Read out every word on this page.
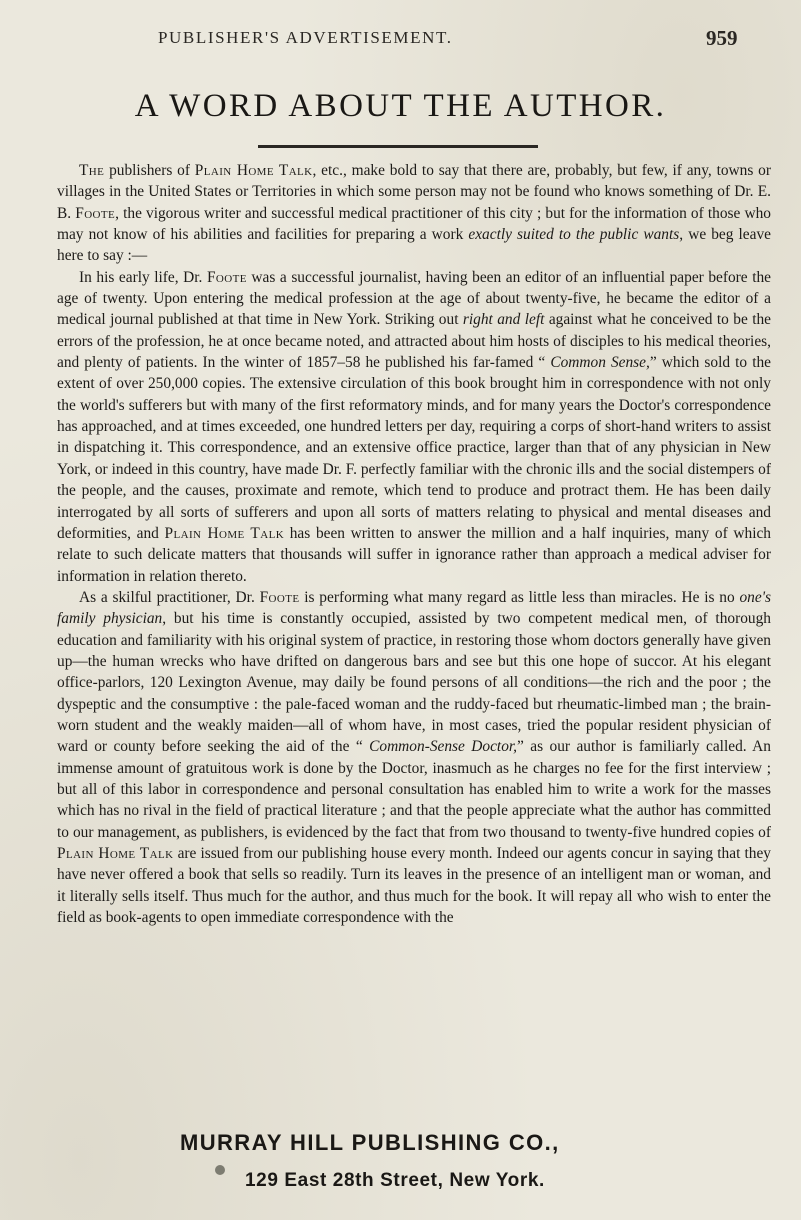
PUBLISHER'S ADVERTISEMENT.	959
A WORD ABOUT THE AUTHOR.

The publishers of Plain Home Talk, etc., make bold to say that there are, probably, but few, if any, towns or villages in the United States or Territories in which some person may not be found who knows something of Dr. E. B. Foote, the vigorous writer and successful medical practitioner of this city ; but for the information of those who may not know of his abilities and facilities for preparing a work exactly suited to the public wants, we beg leave here to say :—

In his early life, Dr. Foote was a successful journalist, having been an editor of an influential paper before the age of twenty. Upon entering the medical profession at the age of about twenty-five, he became the editor of a medical journal published at that time in New York. Striking out right and left against what he conceived to be the errors of the profession, he at once became noted, and attracted about him hosts of disciples to his medical theories, and plenty of patients. In the winter of 1857–58 he published his far-famed “ Common Sense,” which sold to the extent of over 250,000 copies. The extensive circulation of this book brought him in correspondence with not only the world's sufferers but with many of the first reformatory minds, and for many years the Doctor's correspondence has approached, and at times exceeded, one hundred letters per day, requiring a corps of short-hand writers to assist in dispatching it. This correspondence, and an extensive office practice, larger than that of any physician in New York, or indeed in this country, have made Dr. F. perfectly familiar with the chronic ills and the social distempers of the people, and the causes, proximate and remote, which tend to produce and protract them. He has been daily interrogated by all sorts of sufferers and upon all sorts of matters relating to physical and mental diseases and deformities, and Plain Home Talk has been written to answer the million and a half inquiries, many of which relate to such delicate matters that thousands will suffer in ignorance rather than approach a medical adviser for information in relation thereto.

As a skilful practitioner, Dr. Foote is performing what many regard as little less than miracles. He is no one's family physician, but his time is constantly occupied, assisted by two competent medical men, of thorough education and familiarity with his original system of practice, in restoring those whom doctors generally have given up—the human wrecks who have drifted on dangerous bars and see but this one hope of succor. At his elegant office-parlors, 120 Lexington Avenue, may daily be found persons of all conditions—the rich and the poor ; the dyspeptic and the consumptive : the pale-faced woman and the ruddy-faced but rheumatic-limbed man ; the brain-worn student and the weakly maiden—all of whom have, in most cases, tried the popular resident physician of ward or county before seeking the aid of the “ Common-Sense Doctor,” as our author is familiarly called. An immense amount of gratuitous work is done by the Doctor, inasmuch as he charges no fee for the first interview ; but all of this labor in correspondence and personal consultation has enabled him to write a work for the masses which has no rival in the field of practical literature ; and that the people appreciate what the author has committed to our management, as publishers, is evidenced by the fact that from two thousand to twenty-five hundred copies of Plain Home Talk are issued from our publishing house every month. Indeed our agents concur in saying that they have never offered a book that sells so readily. Turn its leaves in the presence of an intelligent man or woman, and it literally sells itself. Thus much for the author, and thus much for the book. It will repay all who wish to enter the field as book-agents to open immediate correspondence with the

MURRAY HILL PUBLISHING CO.,
129 East 28th Street, New York.
